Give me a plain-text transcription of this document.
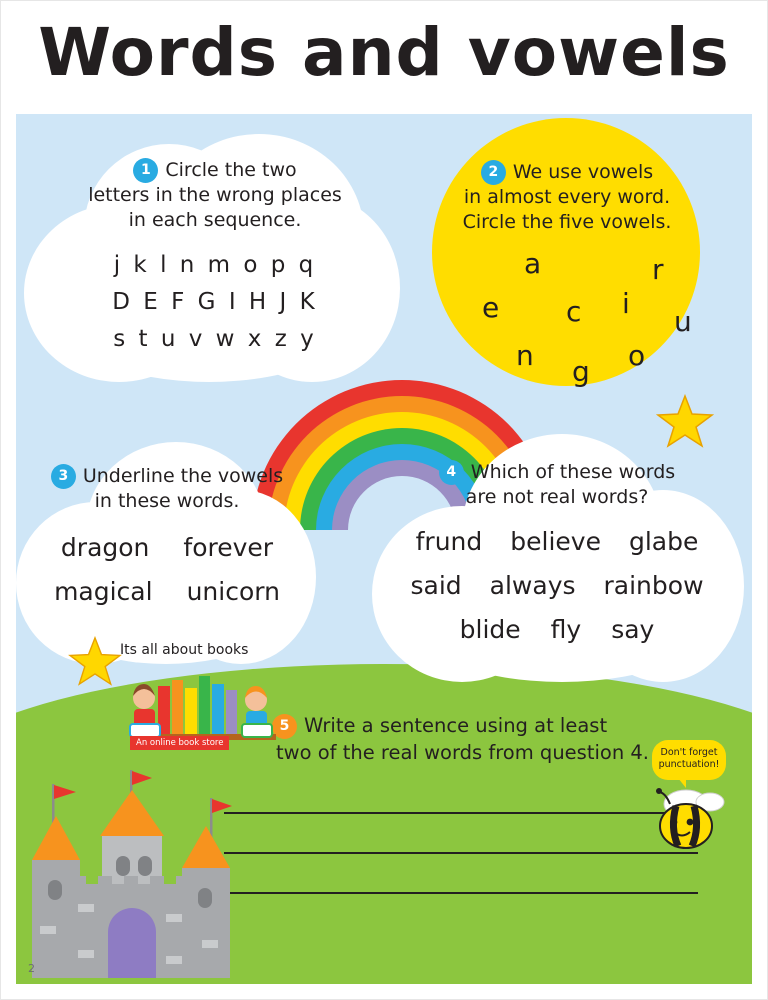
1 Circle the two
letters in the wrong places
in each sequence.
j k l n m o p q
D E F G I H J K
s t u v w x z y
2 We use vowels
in almost every word.
Circle the five vowels.
a	r
e c i
u
n	o
g
3 Underline the vowels
in these words.
dragon forever
magical unicorn
4 Which of these words
are not real words?
frund believe glabe
said always rainbow
blide fly say
5 Write a sentence using at least
two of the real words from question 4.
Its all about books
An online book store
Don't forget
punctuation!
Words and vowels
2
